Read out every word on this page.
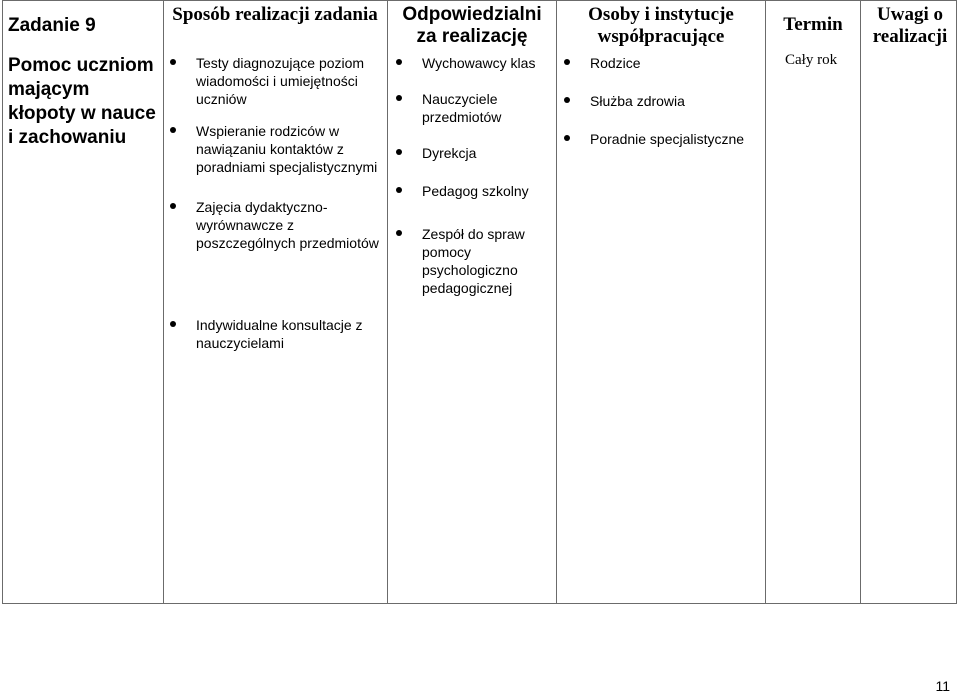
Zadanie 9
Pomoc uczniom mającym kłopoty w nauce i zachowaniu
Sposób realizacji zadania	Odpowiedzialni za realizację
Osoby i instytucje współpracujące
Termin	Uwagi o realizacji
Testy diagnozujące poziom wiadomości i umiejętności uczniów
Wspieranie rodziców w nawiązaniu kontaktów z poradniami specjalistycznymi
Zajęcia dydaktyczno-wyrównawcze z poszczególnych przedmiotów
Indywidualne konsultacje z nauczycielami
Wychowawcy klas
Nauczyciele przedmiotów
Dyrekcja
Pedagog szkolny
Zespół do spraw pomocy psychologiczno pedagogicznej
Rodzice
Służba zdrowia
Poradnie specjalistyczne
Cały rok
11
